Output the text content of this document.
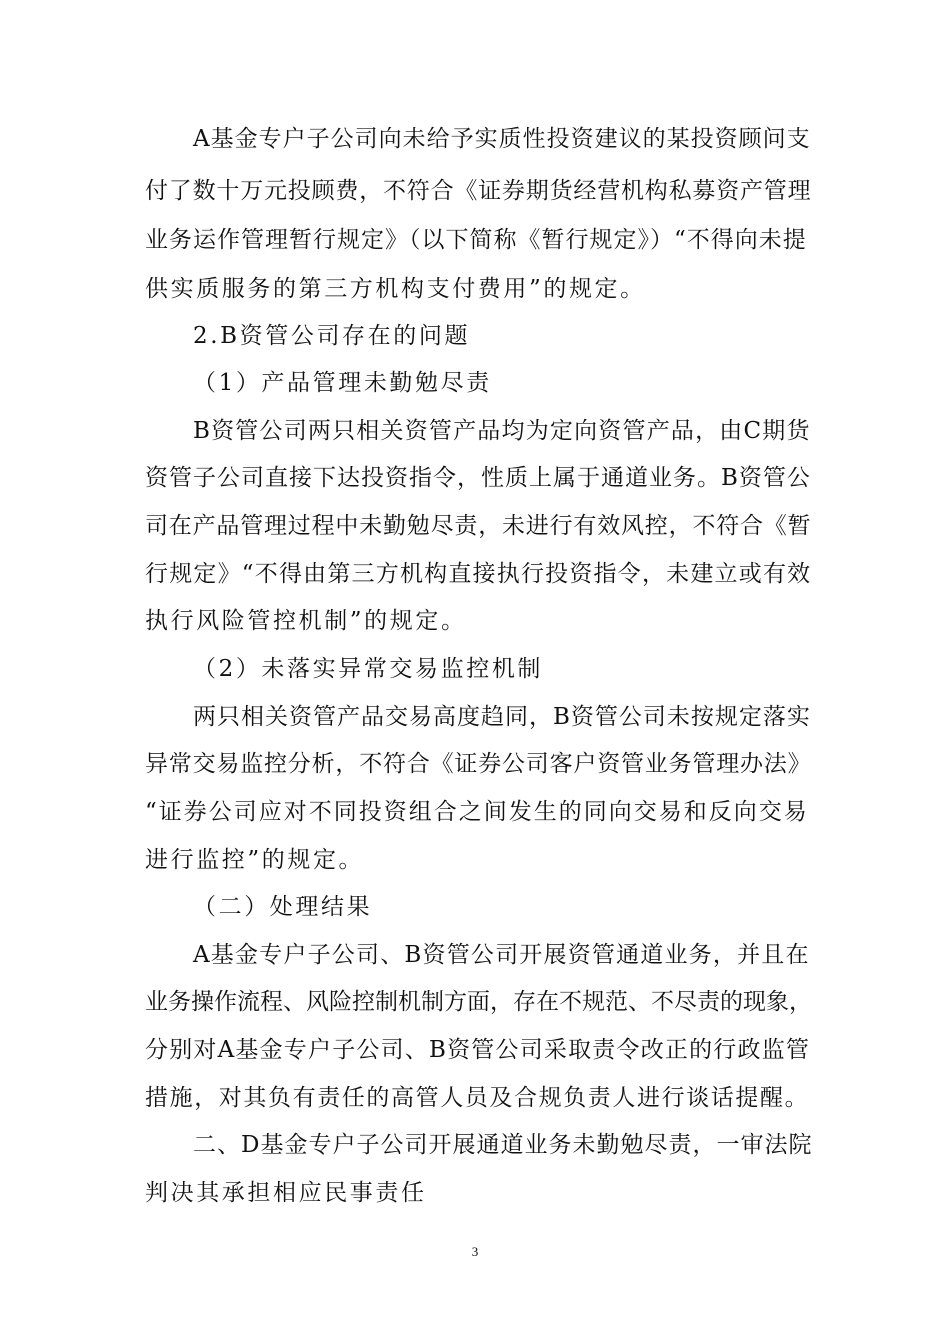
A基金专户子公司向未给予实质性投资建议的某投资顾问支
付了数十万元投顾费，不符合《证券期货经营机构私募资产管理
业务运作管理暂行规定》（以下简称《暂行规定》）“不得向未提
供实质服务的第三方机构支付费用”的规定。
2.B资管公司存在的问题
（1）产品管理未勤勉尽责
B资管公司两只相关资管产品均为定向资管产品，由C期货
资管子公司直接下达投资指令，性质上属于通道业务。B资管公
司在产品管理过程中未勤勉尽责，未进行有效风控，不符合《暂
行规定》“不得由第三方机构直接执行投资指令，未建立或有效
执行风险管控机制”的规定。
（2）未落实异常交易监控机制
两只相关资管产品交易高度趋同，B资管公司未按规定落实
异常交易监控分析，不符合《证券公司客户资管业务管理办法》
“证券公司应对不同投资组合之间发生的同向交易和反向交易
进行监控”的规定。
（二）处理结果
A基金专户子公司、B资管公司开展资管通道业务，并且在
业务操作流程、风险控制机制方面，存在不规范、不尽责的现象，
分别对A基金专户子公司、B资管公司采取责令改正的行政监管
措施，对其负有责任的高管人员及合规负责人进行谈话提醒。
二、D基金专户子公司开展通道业务未勤勉尽责，一审法院
判决其承担相应民事责任
3
